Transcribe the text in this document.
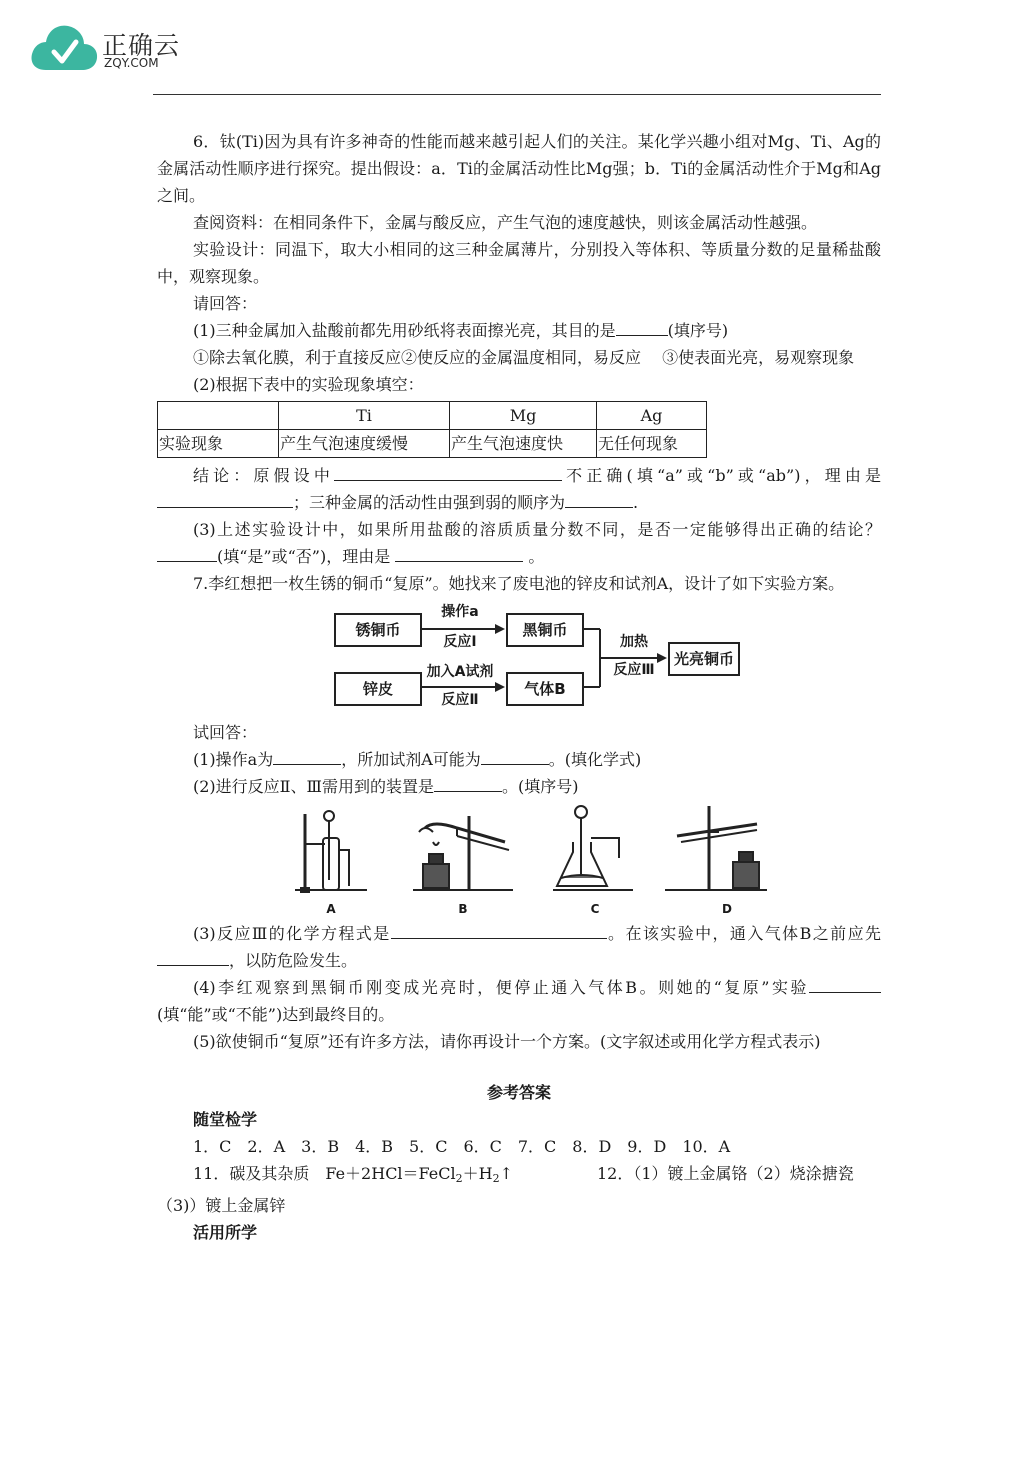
正确云
ZQY.COM

6．钛(Ti)因为具有许多神奇的性能而越来越引起人们的关注。某化学兴趣小组对Mg、Ti、Ag的金属活动性顺序进行探究。提出假设：a．Ti的金属活动性比Mg强；b．Ti的金属活动性介于Mg和Ag之间。

查阅资料：在相同条件下，金属与酸反应，产生气泡的速度越快，则该金属活动性越强。

实验设计：同温下，取大小相同的这三种金属薄片，分别投入等体积、等质量分数的足量稀盐酸中，观察现象。

请回答：

(1)三种金属加入盐酸前都先用砂纸将表面擦光亮，其目的是	(填序号)

①除去氧化膜，利于直接反应②使反应的金属温度相同，易反应　 ③使表面光亮，易观察现象

(2)根据下表中的实验现象填空：

	Ti	Mg	Ag
实验现象	产生气泡速度缓慢	产生气泡速度快	无任何现象

结论：原假设中	不正确(填“a”或“b”或“ab”)，理由是；三种金属的活动性由强到弱的顺序为	.

(3)上述实验设计中，如果所用盐酸的溶质质量分数不同，是否一定能够得出正确的结论？(填“是”或“否”)，理由是	。

7.李红想把一枚生锈的铜币“复原”。她找来了废电池的锌皮和试剂A，设计了如下实验方案。

锈铜币	黑铜币
锌皮	气体B
光亮铜币
操作a
反应Ⅰ
加入A试剂
反应Ⅱ
加热
反应Ⅲ

试回答：

(1)操作a为	，所加试剂A可能为	。(填化学式)

(2)进行反应Ⅱ、Ⅲ需用到的装置是	。(填序号)

A	B	C	D

(3)反应Ⅲ的化学方程式是	。在该实验中，通入气体B之前应先，以防危险发生。

(4)李红观察到黑铜币刚变成光亮时，便停止通入气体B。则她的“复原”实验(填“能”或“不能”)达到最终目的。

(5)欲使铜币“复原”还有许多方法，请你再设计一个方案。(文字叙述或用化学方程式表示)

参考答案
随堂检学

1．C　2．A　3．B　4．B　5．C　6．C　7．C　8．D　9．D　10．A

11．碳及其杂质　$Fe+2HCl=FeCl_2+H_2↑$	12．（1）镀上金属铬（2）烧涂搪瓷

（3)）镀上金属锌

活用所学
